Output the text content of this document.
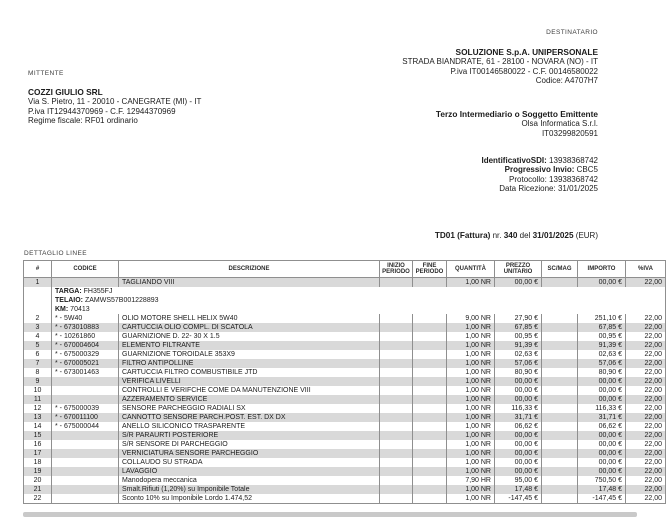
DESTINATARIO
SOLUZIONE S.p.A. UNIPERSONALE
STRADA BIANDRATE, 61 - 28100 - NOVARA (NO) - IT
P.iva IT00146580022 - C.F. 00146580022
Codice: A4707H7
MITTENTE
COZZI GIULIO SRL
Via S. Pietro, 11 - 20010 - CANEGRATE (MI) - IT
P.iva IT12944370969 - C.F. 12944370969
Regime fiscale: RF01 ordinario
Terzo Intermediario o Soggetto Emittente
Olsa Informatica S.r.l.
IT03299820591
IdentificativoSDI: 13938368742
Progressivo Invio: CBC5
Protocollo: 13938368742
Data Ricezione: 31/01/2025
TD01 (Fattura) nr. 340 del 31/01/2025 (EUR)
DETTAGLIO LINEE
#	CODICE	DESCRIZIONE	INIZIO PERIODO	FINE PERIODO	QUANTITÀ	PREZZO UNITARIO	SC/MAG	IMPORTO	%IVA
1		TAGLIANDO VIII			1,00 NR	00,00 €		00,00 €	22,00

	TARGA: FH355FJ
TELAIO: ZAMWS57B001228893
KM: 70413								

2	* - 5W40	OLIO MOTORE SHELL HELIX 5W40			9,00 NR	27,90 €		251,10 €	22,00
3	* - 673010883	CARTUCCIA OLIO COMPL. DI SCATOLA			1,00 NR	67,85 €		67,85 €	22,00
4	* - 10261860	GUARNIZIONE D. 22- 30 X 1.5			1,00 NR	00,95 €		00,95 €	22,00
5	* - 670004604	ELEMENTO FILTRANTE			1,00 NR	91,39 €		91,39 €	22,00
6	* - 675000329	GUARNIZIONE TOROIDALE 353X9			1,00 NR	02,63 €		02,63 €	22,00
7	* - 670005021	FILTRO ANTIPOLLINE			1,00 NR	57,06 €		57,06 €	22,00
8	* - 673001463	CARTUCCIA FILTRO COMBUSTIBILE JTD			1,00 NR	80,90 €		80,90 €	22,00
9		VERIFICA LIVELLI			1,00 NR	00,00 €		00,00 €	22,00
10		CONTROLLI E VERIFCHE COME DA MANUTENZIONE VIII			1,00 NR	00,00 €		00,00 €	22,00
11		AZZERAMENTO SERVICE			1,00 NR	00,00 €		00,00 €	22,00
12	* - 675000039	SENSORE PARCHEGGIO RADIALI SX			1,00 NR	116,33 €		116,33 €	22,00
13	* - 670011100	CANNOTTO SENSORE PARCH.POST. EST. DX DX			1,00 NR	31,71 €		31,71 €	22,00
14	* - 675000044	ANELLO SILICONICO TRASPARENTE			1,00 NR	06,62 €		06,62 €	22,00
15		S/R PARAURTI POSTERIORE			1,00 NR	00,00 €		00,00 €	22,00
16		S/R SENSORE DI PARCHEGGIO			1,00 NR	00,00 €		00,00 €	22,00
17		VERNICIATURA SENSORE PARCHEGGIO			1,00 NR	00,00 €		00,00 €	22,00
18		COLLAUDO SU STRADA			1,00 NR	00,00 €		00,00 €	22,00
19		LAVAGGIO			1,00 NR	00,00 €		00,00 €	22,00
20		Manodopera meccanica			7,90 HR	95,00 €		750,50 €	22,00
21		Smalt.Rifiuti (1,20%) su Imponibile Totale			1,00 NR	17,48 €		17,48 €	22,00
22		Sconto 10% su Imponibile Lordo 1.474,52			1,00 NR	-147,45 €		-147,45 €	22,00
